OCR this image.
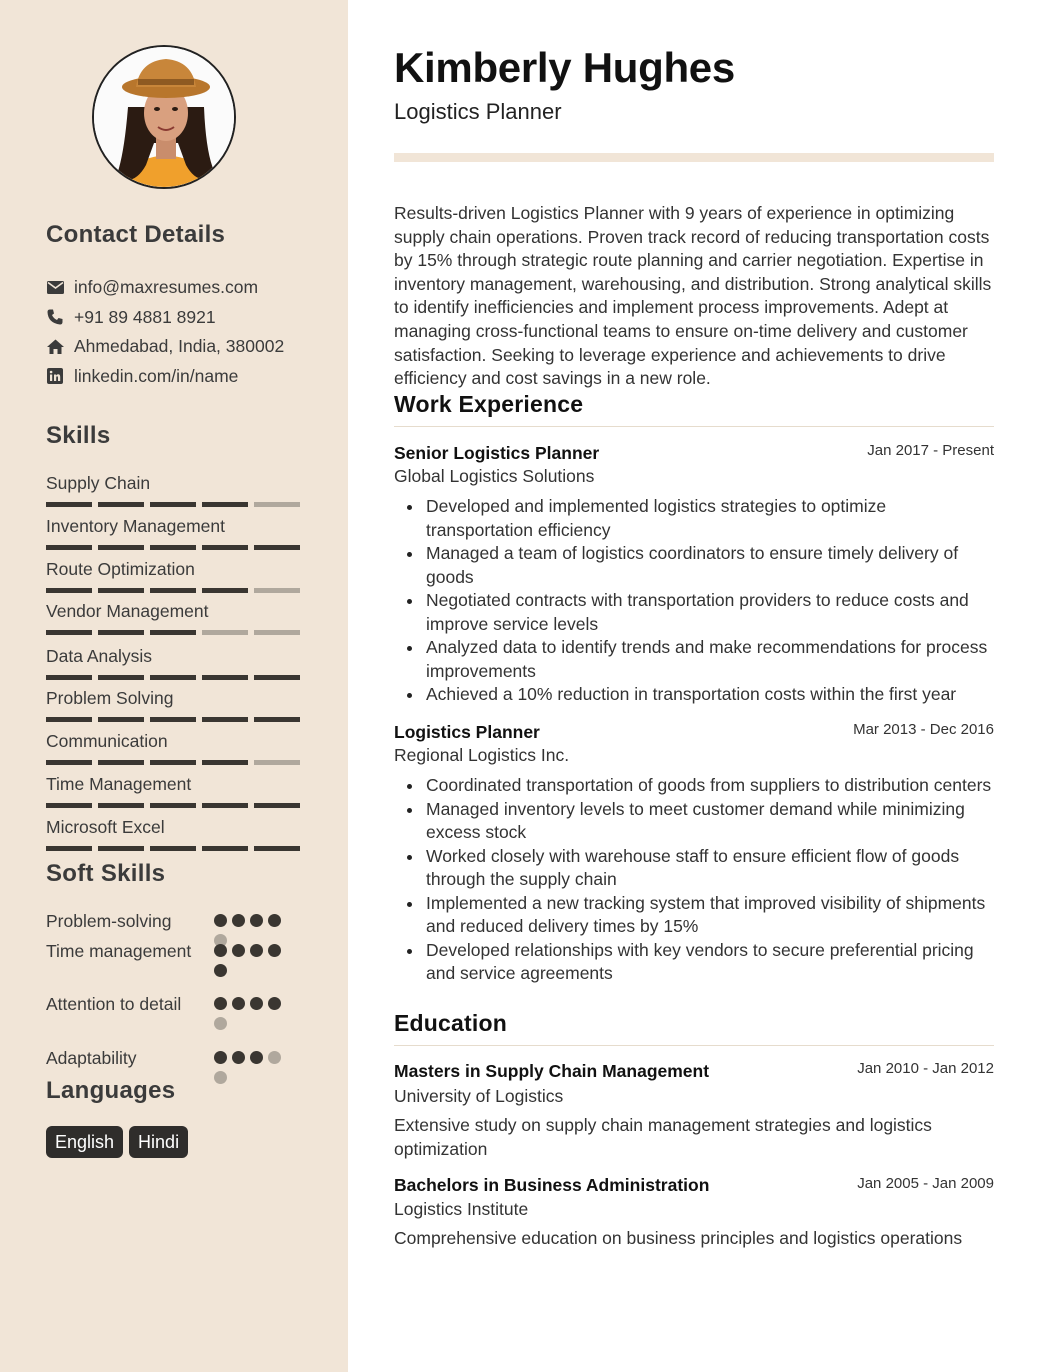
Contact Details
info@maxresumes.com
+91 89 4881 8921
Ahmedabad, India, 380002
linkedin.com/in/name
Skills
Supply Chain
Inventory Management
Route Optimization
Vendor Management
Data Analysis
Problem Solving
Communication
Time Management
Microsoft Excel
Soft Skills
Problem-solving
Time management
Attention to detail
Adaptability
Languages
English	Hindi
Kimberly Hughes
Logistics Planner
Results-driven Logistics Planner with 9 years of experience in optimizing supply chain operations. Proven track record of reducing transportation costs by 15% through strategic route planning and carrier negotiation. Expertise in inventory management, warehousing, and distribution. Strong analytical skills to identify inefficiencies and implement process improvements. Adept at managing cross-functional teams to ensure on-time delivery and customer satisfaction. Seeking to leverage experience and achievements to drive efficiency and cost savings in a new role.
Work Experience
Senior Logistics Planner	Jan 2017 - Present
Global Logistics Solutions
Developed and implemented logistics strategies to optimize transportation efficiency
Managed a team of logistics coordinators to ensure timely delivery of goods
Negotiated contracts with transportation providers to reduce costs and improve service levels
Analyzed data to identify trends and make recommendations for process improvements
Achieved a 10% reduction in transportation costs within the first year
Logistics Planner	Mar 2013 - Dec 2016
Regional Logistics Inc.
Coordinated transportation of goods from suppliers to distribution centers
Managed inventory levels to meet customer demand while minimizing excess stock
Worked closely with warehouse staff to ensure efficient flow of goods through the supply chain
Implemented a new tracking system that improved visibility of shipments and reduced delivery times by 15%
Developed relationships with key vendors to secure preferential pricing and service agreements
Education
Masters in Supply Chain Management	Jan 2010 - Jan 2012
University of Logistics
Extensive study on supply chain management strategies and logistics optimization
Bachelors in Business Administration	Jan 2005 - Jan 2009
Logistics Institute
Comprehensive education on business principles and logistics operations
